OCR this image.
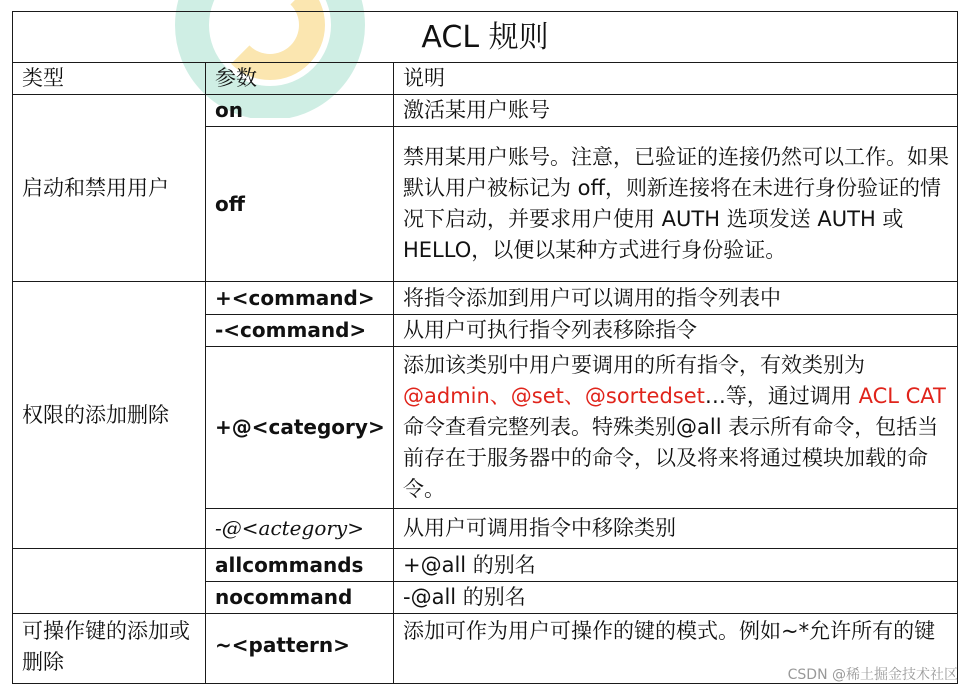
ACL 规则		
类型	参数	说明
启动和禁用用户	on	激活某用户账号
	off	禁用某用户账号。注意，已验证的连接仍然可以工作。如果默认用户被标记为 off，则新连接将在未进行身份验证的情况下启动，并要求用户使用 AUTH 选项发送 AUTH 或 HELLO，以便以某种方式进行身份验证。
权限的添加删除	+<command>	将指令添加到用户可以调用的指令列表中
	-<command>	从用户可执行指令列表移除指令
	+@<category>	添加该类别中用户要调用的所有指令，有效类别为@admin、@set、@sortedset…等，通过调用 ACL CAT 命令查看完整列表。特殊类别@all 表示所有命令，包括当前存在于服务器中的命令，以及将来将通过模块加载的命令。
	-@<actegory>	从用户可调用指令中移除类别
	allcommands	+@all 的别名
	nocommand	-@all 的别名
可操作键的添加或删除	~<pattern>	添加可作为用户可操作的键的模式。例如~*允许所有的键
CSDN @稀土掘金技术社区
